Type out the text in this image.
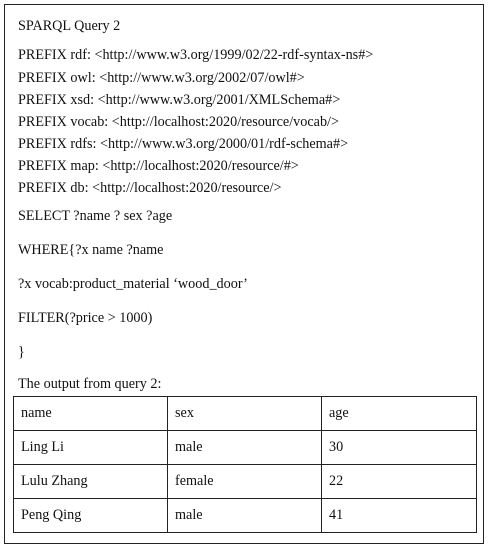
SPARQL Query 2
PREFIX rdf: <http://www.w3.org/1999/02/22-rdf-syntax-ns#>
PREFIX owl: <http://www.w3.org/2002/07/owl#>
PREFIX xsd: <http://www.w3.org/2001/XMLSchema#>
PREFIX vocab: <http://localhost:2020/resource/vocab/>
PREFIX rdfs: <http://www.w3.org/2000/01/rdf-schema#>
PREFIX map: <http://localhost:2020/resource/#>
PREFIX db: <http://localhost:2020/resource/>
SELECT ?name ? sex ?age
WHERE{?x name ?name
?x vocab:product_material ‘wood_door’
FILTER(?price > 1000)
}
The output from query 2:
name	sex	age
Ling Li	male	30
Lulu Zhang	female	22
Peng Qing	male	41
